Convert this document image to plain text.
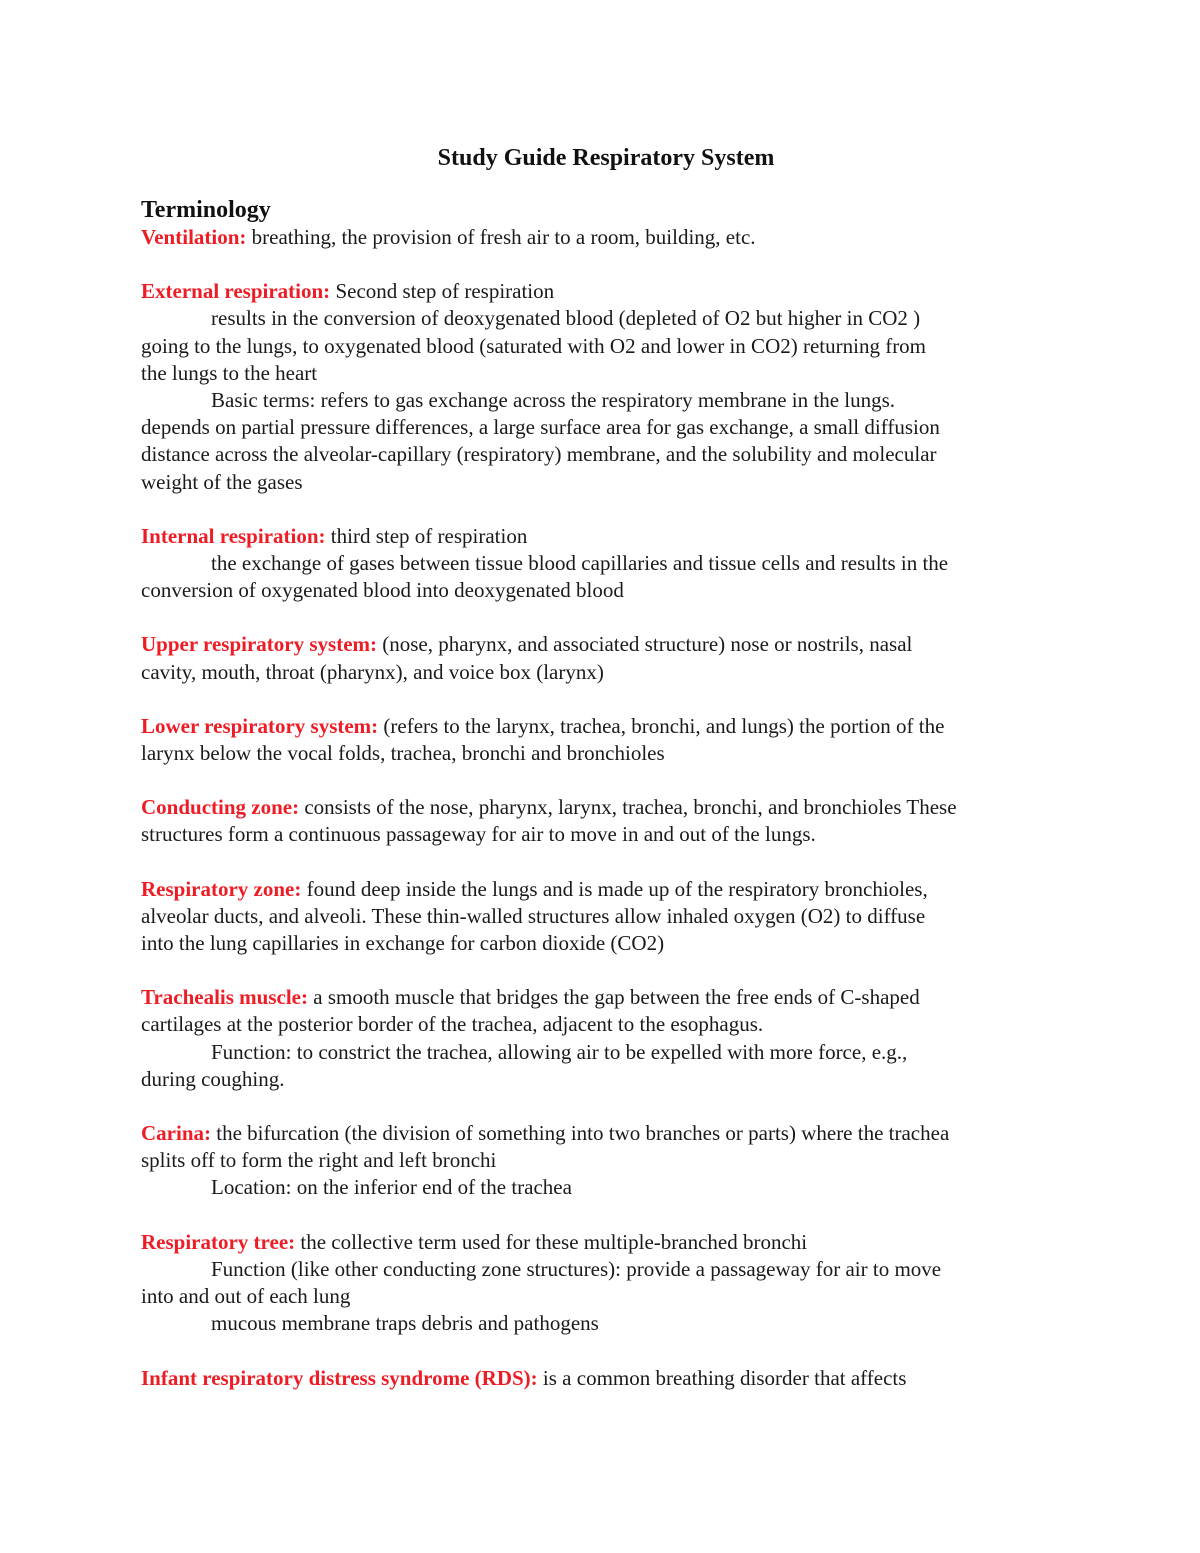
Study Guide Respiratory System
Terminology

Ventilation: breathing, the provision of fresh air to a room, building, etc.

External respiration: Second step of respiration

results in the conversion of deoxygenated blood (depleted of O2 but higher in CO2 )

going to the lungs, to oxygenated blood (saturated with O2 and lower in CO2) returning from

the lungs to the heart

Basic terms: refers to gas exchange across the respiratory membrane in the lungs.

depends on partial pressure differences, a large surface area for gas exchange, a small diffusion

distance across the alveolar-capillary (respiratory) membrane, and the solubility and molecular

weight of the gases

Internal respiration: third step of respiration

the exchange of gases between tissue blood capillaries and tissue cells and results in the

conversion of oxygenated blood into deoxygenated blood

Upper respiratory system: (nose, pharynx, and associated structure) nose or nostrils, nasal

cavity, mouth, throat (pharynx), and voice box (larynx)

Lower respiratory system: (refers to the larynx, trachea, bronchi, and lungs) the portion of the

larynx below the vocal folds, trachea, bronchi and bronchioles

Conducting zone: consists of the nose, pharynx, larynx, trachea, bronchi, and bronchioles These

structures form a continuous passageway for air to move in and out of the lungs.

Respiratory zone: found deep inside the lungs and is made up of the respiratory bronchioles,

alveolar ducts, and alveoli. These thin-walled structures allow inhaled oxygen (O2) to diffuse

into the lung capillaries in exchange for carbon dioxide (CO2)

Trachealis muscle: a smooth muscle that bridges the gap between the free ends of C-shaped

cartilages at the posterior border of the trachea, adjacent to the esophagus.

Function: to constrict the trachea, allowing air to be expelled with more force, e.g.,

during coughing.

Carina: the bifurcation (the division of something into two branches or parts) where the trachea

splits off to form the right and left bronchi

Location: on the inferior end of the trachea

Respiratory tree: the collective term used for these multiple-branched bronchi

Function (like other conducting zone structures): provide a passageway for air to move

into and out of each lung

mucous membrane traps debris and pathogens

Infant respiratory distress syndrome (RDS): is a common breathing disorder that affects
